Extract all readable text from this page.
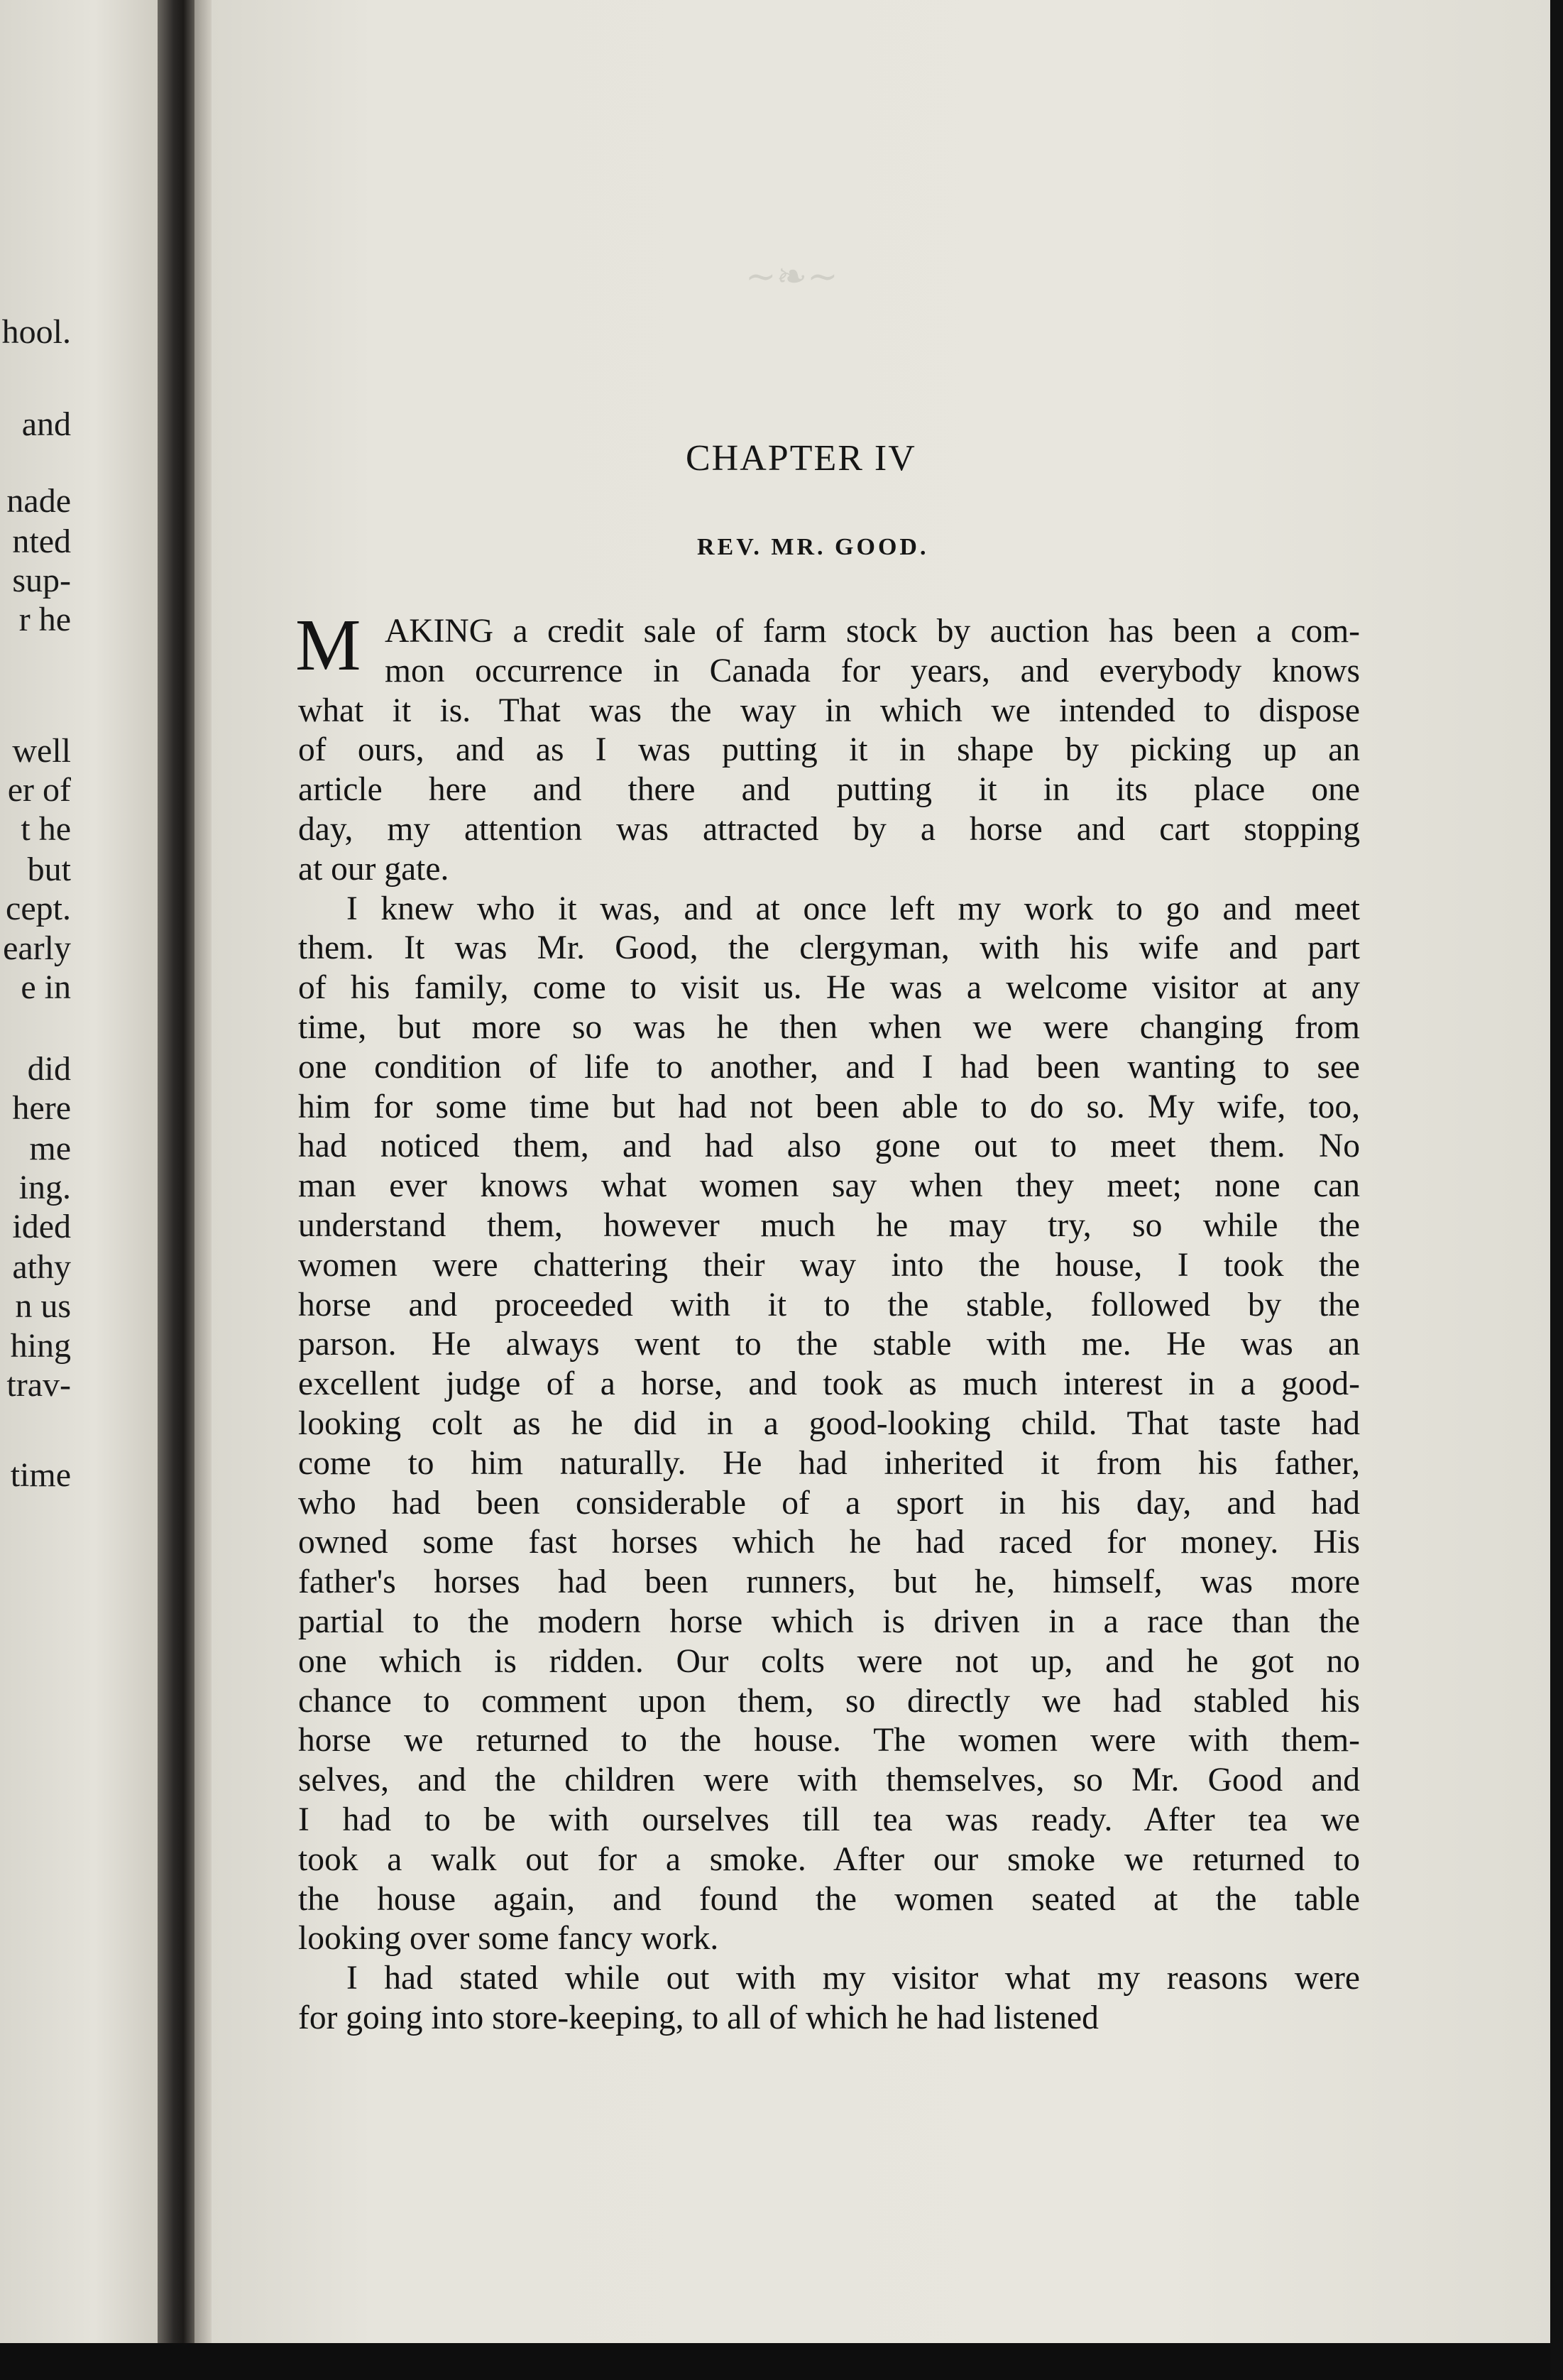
hool.
and
nade
nted
sup-
r he
well
er of
t he
but
cept.
early
e in
did
here
me
ing.
ided
athy
n us
hing
trav-
time
~❧~
CHAPTER IV
REV. MR. GOOD.
M AKING a credit sale of farm stock by auction has been a com-
mon occurrence in Canada for years, and everybody knows
what it is. That was the way in which we intended to dispose
of ours, and as I was putting it in shape by picking up an
article here and there and putting it in its place one
day, my attention was attracted by a horse and cart stopping
at our gate.
I knew who it was, and at once left my work to go and meet
them. It was Mr. Good, the clergyman, with his wife and part
of his family, come to visit us. He was a welcome visitor at any
time, but more so was he then when we were changing from
one condition of life to another, and I had been wanting to see
him for some time but had not been able to do so. My wife, too,
had noticed them, and had also gone out to meet them. No
man ever knows what women say when they meet; none can
understand them, however much he may try, so while the
women were chattering their way into the house, I took the
horse and proceeded with it to the stable, followed by the
parson. He always went to the stable with me. He was an
excellent judge of a horse, and took as much interest in a good-
looking colt as he did in a good-looking child. That taste had
come to him naturally. He had inherited it from his father,
who had been considerable of a sport in his day, and had
owned some fast horses which he had raced for money. His
father's horses had been runners, but he, himself, was more
partial to the modern horse which is driven in a race than the
one which is ridden. Our colts were not up, and he got no
chance to comment upon them, so directly we had stabled his
horse we returned to the house. The women were with them-
selves, and the children were with themselves, so Mr. Good and
I had to be with ourselves till tea was ready. After tea we
took a walk out for a smoke. After our smoke we returned to
the house again, and found the women seated at the table
looking over some fancy work.
I had stated while out with my visitor what my reasons were
for going into store-keeping, to all of which he had listened
